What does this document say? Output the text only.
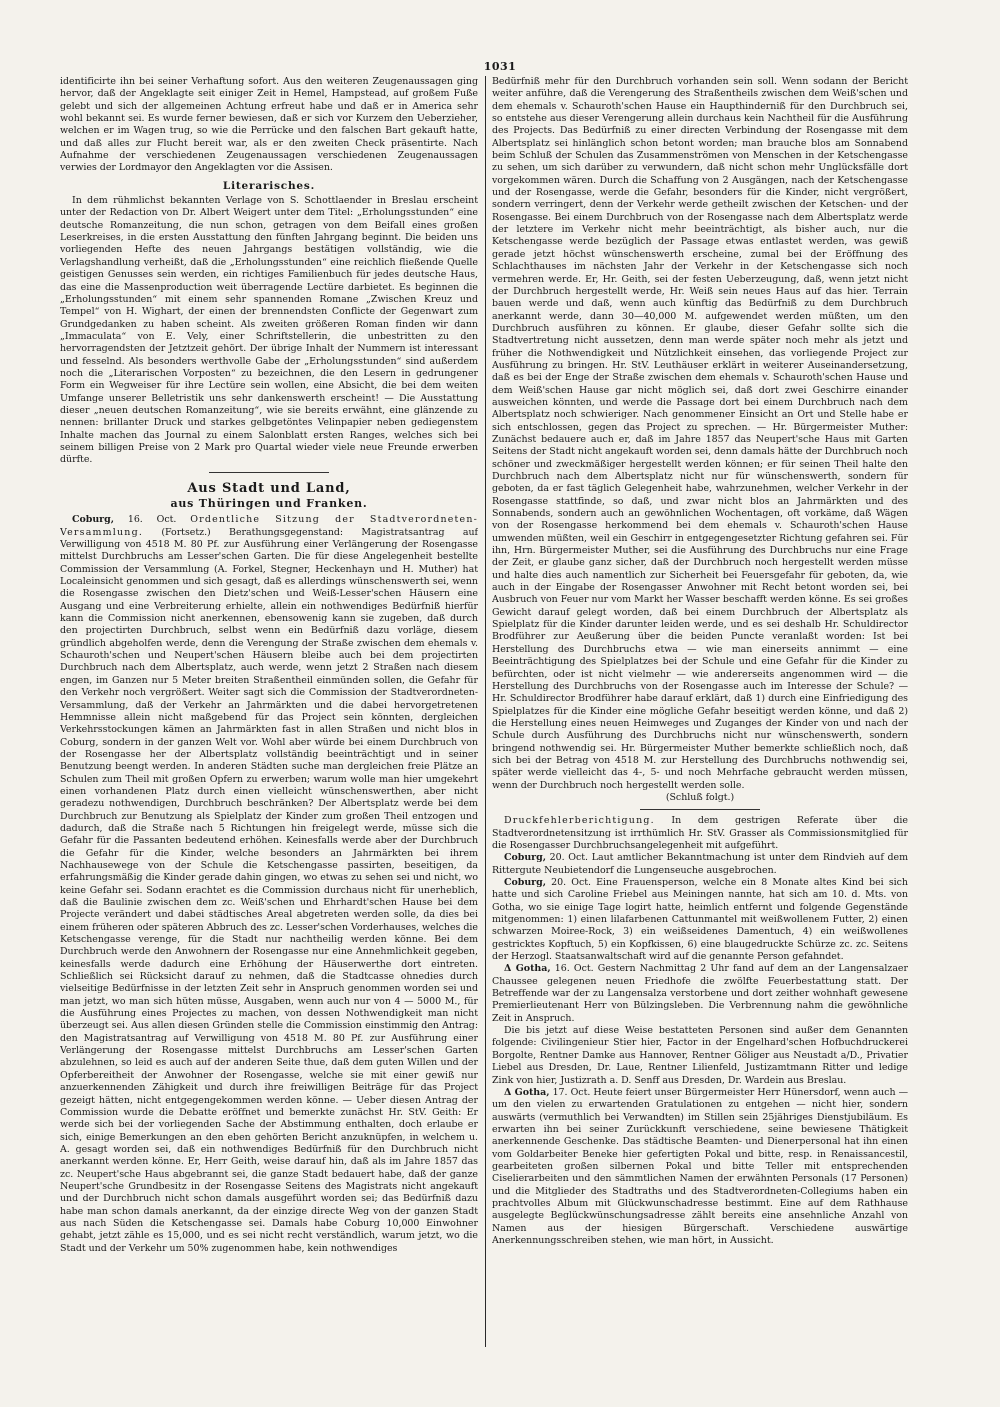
1031

identificirte ihn bei seiner Verhaftung sofort. Aus den weiteren Zeugenaussagen ging hervor, daß der Angeklagte seit einiger Zeit in Hemel, Hampstead, auf großem Fuße gelebt und sich der allgemeinen Achtung erfreut habe und daß er in America sehr wohl bekannt sei. Es wurde ferner bewiesen, daß er sich vor Kurzem den Ueberzieher, welchen er im Wagen trug, so wie die Perrücke und den falschen Bart gekauft hatte, und daß alles zur Flucht bereit war, als er den zweiten Check präsentirte. Nach Aufnahme der verschiedenen Zeugenaussagen verschiedenen Zeugenaussagen verwies der Lordmayor den Angeklagten vor die Assisen.

Literarisches.

In dem rühmlichst bekannten Verlage von S. Schottlaender in Breslau erscheint unter der Redaction von Dr. Albert Weigert unter dem Titel: „Erholungsstunden“ eine deutsche Romanzeitung, die nun schon, getragen von dem Beifall eines großen Leserkreises, in die ersten Ausstattung den fünften Jahrgang beginnt. Die beiden uns vorliegenden Hefte des neuen Jahrgangs bestätigen vollständig, wie die Verlagshandlung verheißt, daß die „Erholungsstunden“ eine reichlich fließende Quelle geistigen Genusses sein werden, ein richtiges Familienbuch für jedes deutsche Haus, das eine die Massenproduction weit überragende Lectüre darbietet. Es beginnen die „Erholungsstunden“ mit einem sehr spannenden Romane „Zwischen Kreuz und Tempel“ von H. Wighart, der einen der brennendsten Conflicte der Gegenwart zum Grundgedanken zu haben scheint. Als zweiten größeren Roman finden wir dann „Immaculata“ von E. Vely, einer Schriftstellerin, die unbestritten zu den hervorragendsten der Jetztzeit gehört. Der übrige Inhalt der Nummern ist interessant und fesselnd. Als besonders werthvolle Gabe der „Erholungsstunden“ sind außerdem noch die „Literarischen Vorposten“ zu bezeichnen, die den Lesern in gedrungener Form ein Wegweiser für ihre Lectüre sein wollen, eine Absicht, die bei dem weiten Umfange unserer Belletristik uns sehr dankenswerth erscheint! — Die Ausstattung dieser „neuen deutschen Romanzeitung“, wie sie bereits erwähnt, eine glänzende zu nennen: brillanter Druck und starkes gelbgetöntes Velinpapier neben gediegenstem Inhalte machen das Journal zu einem Salonblatt ersten Ranges, welches sich bei seinem billigen Preise von 2 Mark pro Quartal wieder viele neue Freunde erwerben dürfte.

Aus Stadt und Land,
aus Thüringen und Franken.

Coburg, 16. Oct. Ordentliche Sitzung der Stadtverordneten-Versammlung. (Fortsetz.) Berathungsgegenstand: Magistratsantrag auf Verwilligung von 4518 M. 80 Pf. zur Ausführung einer Verlängerung der Rosengasse mittelst Durchbruchs am Lesser'schen Garten. Die für diese Angelegenheit bestellte Commission der Versammlung (A. Forkel, Stegner, Heckenhayn und H. Muther) hat Localeinsicht genommen und sich gesagt, daß es allerdings wünschenswerth sei, wenn die Rosengasse zwischen den Dietz'schen und Weiß-Lesser'schen Häusern eine Ausgang und eine Verbreiterung erhielte, allein ein nothwendiges Bedürfniß hierfür kann die Commission nicht anerkennen, ebensowenig kann sie zugeben, daß durch den projectirten Durchbruch, selbst wenn ein Bedürfniß dazu vorläge, diesem gründlich abgeholfen werde, denn die Verengung der Straße zwischen dem ehemals v. Schauroth'schen und Neupert'schen Häusern bleibe auch bei dem projectirten Durchbruch nach dem Albertsplatz, auch werde, wenn jetzt 2 Straßen nach diesem engen, im Ganzen nur 5 Meter breiten Straßentheil einmünden sollen, die Gefahr für den Verkehr noch vergrößert. Weiter sagt sich die Commission der Stadtverordneten-Versammlung, daß der Verkehr an Jahrmärkten und die dabei hervorgetretenen Hemmnisse allein nicht maßgebend für das Project sein könnten, dergleichen Verkehrsstockungen kämen an Jahrmärkten fast in allen Straßen und nicht blos in Coburg, sondern in der ganzen Welt vor. Wohl aber würde bei einem Durchbruch von der Rosengasse her der Albertsplatz vollständig beeinträchtigt und in seiner Benutzung beengt werden. In anderen Städten suche man dergleichen freie Plätze an Schulen zum Theil mit großen Opfern zu erwerben; warum wolle man hier umgekehrt einen vorhandenen Platz durch einen vielleicht wünschenswerthen, aber nicht geradezu nothwendigen, Durchbruch beschränken? Der Albertsplatz werde bei dem Durchbruch zur Benutzung als Spielplatz der Kinder zum großen Theil entzogen und dadurch, daß die Straße nach 5 Richtungen hin freigelegt werde, müsse sich die Gefahr für die Passanten bedeutend erhöhen. Keinesfalls werde aber der Durchbruch die Gefahr für die Kinder, welche besonders an Jahrmärkten bei ihrem Nachhausewege von der Schule die Ketschengasse passirten, beseitigen, da erfahrungsmäßig die Kinder gerade dahin gingen, wo etwas zu sehen sei und nicht, wo keine Gefahr sei. Sodann erachtet es die Commission durchaus nicht für unerheblich, daß die Baulinie zwischen dem zc. Weiß'schen und Ehrhardt'schen Hause bei dem Projecte verändert und dabei städtisches Areal abgetreten werden solle, da dies bei einem früheren oder späteren Abbruch des zc. Lesser'schen Vorderhauses, welches die Ketschengasse verenge, für die Stadt nur nachtheilig werden könne. Bei dem Durchbruch werde den Anwohnern der Rosengasse nur eine Annehmlichkeit gegeben, keinesfalls werde dadurch eine Erhöhung der Häuserwerthe dort eintreten. Schließlich sei Rücksicht darauf zu nehmen, daß die Stadtcasse ohnedies durch vielseitige Bedürfnisse in der letzten Zeit sehr in Anspruch genommen worden sei und man jetzt, wo man sich hüten müsse, Ausgaben, wenn auch nur von 4 — 5000 M., für die Ausführung eines Projectes zu machen, von dessen Nothwendigkeit man nicht überzeugt sei. Aus allen diesen Gründen stelle die Commission einstimmig den Antrag: den Magistratsantrag auf Verwilligung von 4518 M. 80 Pf. zur Ausführung einer Verlängerung der Rosengasse mittelst Durchbruchs am Lesser'schen Garten abzulehnen, so leid es auch auf der anderen Seite thue, daß dem guten Willen und der Opferbereitheit der Anwohner der Rosengasse, welche sie mit einer gewiß nur anzuerkennenden Zähigkeit und durch ihre freiwilligen Beiträge für das Project gezeigt hätten, nicht entgegengekommen werden könne. — Ueber diesen Antrag der Commission wurde die Debatte eröffnet und bemerkte zunächst Hr. StV. Geith: Er werde sich bei der vorliegenden Sache der Abstimmung enthalten, doch erlaube er sich, einige Bemerkungen an den eben gehörten Bericht anzuknüpfen, in welchem u. A. gesagt worden sei, daß ein nothwendiges Bedürfniß für den Durchbruch nicht anerkannt werden könne. Er, Herr Geith, weise darauf hin, daß als im Jahre 1857 das zc. Neupert'sche Haus abgebrannt sei, die ganze Stadt bedauert habe, daß der ganze Neupert'sche Grundbesitz in der Rosengasse Seitens des Magistrats nicht angekauft und der Durchbruch nicht schon damals ausgeführt worden sei; das Bedürfniß dazu habe man schon damals anerkannt, da der einzige directe Weg von der ganzen Stadt aus nach Süden die Ketschengasse sei. Damals habe Coburg 10,000 Einwohner gehabt, jetzt zähle es 15,000, und es sei nicht recht verständlich, warum jetzt, wo die Stadt und der Verkehr um 50% zugenommen habe, kein nothwendiges

Bedürfniß mehr für den Durchbruch vorhanden sein soll. Wenn sodann der Bericht weiter anführe, daß die Verengerung des Straßentheils zwischen dem Weiß'schen und dem ehemals v. Schauroth'schen Hause ein Haupthinderniß für den Durchbruch sei, so entstehe aus dieser Verengerung allein durchaus kein Nachtheil für die Ausführung des Projects. Das Bedürfniß zu einer directen Verbindung der Rosengasse mit dem Albertsplatz sei hinlänglich schon betont worden; man brauche blos am Sonnabend beim Schluß der Schulen das Zusammenströmen von Menschen in der Ketschengasse zu sehen, um sich darüber zu verwundern, daß nicht schon mehr Unglücksfälle dort vorgekommen wären. Durch die Schaffung von 2 Ausgängen, nach der Ketschengasse und der Rosengasse, werde die Gefahr, besonders für die Kinder, nicht vergrößert, sondern verringert, denn der Verkehr werde getheilt zwischen der Ketschen- und der Rosengasse. Bei einem Durchbruch von der Rosengasse nach dem Albertsplatz werde der letztere im Verkehr nicht mehr beeinträchtigt, als bisher auch, nur die Ketschengasse werde bezüglich der Passage etwas entlastet werden, was gewiß gerade jetzt höchst wünschenswerth erscheine, zumal bei der Eröffnung des Schlachthauses im nächsten Jahr der Verkehr in der Ketschengasse sich noch vermehren werde. Er, Hr. Geith, sei der festen Ueberzeugung, daß, wenn jetzt nicht der Durchbruch hergestellt werde, Hr. Weiß sein neues Haus auf das hier. Terrain bauen werde und daß, wenn auch künftig das Bedürfniß zu dem Durchbruch anerkannt werde, dann 30—40,000 M. aufgewendet werden müßten, um den Durchbruch ausführen zu können. Er glaube, dieser Gefahr sollte sich die Stadtvertretung nicht aussetzen, denn man werde später noch mehr als jetzt und früher die Nothwendigkeit und Nützlichkeit einsehen, das vorliegende Project zur Ausführung zu bringen. Hr. StV. Leuthäuser erklärt in weiterer Auseinandersetzung, daß es bei der Enge der Straße zwischen dem ehemals v. Schauroth'schen Hause und dem Weiß'schen Hause gar nicht möglich sei, daß dort zwei Geschirre einander ausweichen könnten, und werde die Passage dort bei einem Durchbruch nach dem Albertsplatz noch schwieriger. Nach genommener Einsicht an Ort und Stelle habe er sich entschlossen, gegen das Project zu sprechen. — Hr. Bürgermeister Muther: Zunächst bedauere auch er, daß im Jahre 1857 das Neupert'sche Haus mit Garten Seitens der Stadt nicht angekauft worden sei, denn damals hätte der Durchbruch noch schöner und zweckmäßiger hergestellt werden können; er für seinen Theil halte den Durchbruch nach dem Albertsplatz nicht nur für wünschenswerth, sondern für geboten, da er fast täglich Gelegenheit habe, wahrzunehmen, welcher Verkehr in der Rosengasse stattfinde, so daß, und zwar nicht blos an Jahrmärkten und des Sonnabends, sondern auch an gewöhnlichen Wochentagen, oft vorkäme, daß Wägen von der Rosengasse herkommend bei dem ehemals v. Schauroth'schen Hause umwenden müßten, weil ein Geschirr in entgegengesetzter Richtung gefahren sei. Für ihn, Hrn. Bürgermeister Muther, sei die Ausführung des Durchbruchs nur eine Frage der Zeit, er glaube ganz sicher, daß der Durchbruch noch hergestellt werden müsse und halte dies auch namentlich zur Sicherheit bei Feuersgefahr für geboten, da, wie auch in der Eingabe der Rosengasser Anwohner mit Recht betont worden sei, bei Ausbruch von Feuer nur vom Markt her Wasser beschafft werden könne. Es sei großes Gewicht darauf gelegt worden, daß bei einem Durchbruch der Albertsplatz als Spielplatz für die Kinder darunter leiden werde, und es sei deshalb Hr. Schuldirector Brodführer zur Aeußerung über die beiden Puncte veranlaßt worden: Ist bei Herstellung des Durchbruchs etwa — wie man einerseits annimmt — eine Beeinträchtigung des Spielplatzes bei der Schule und eine Gefahr für die Kinder zu befürchten, oder ist nicht vielmehr — wie andererseits angenommen wird — die Herstellung des Durchbruchs von der Rosengasse auch im Interesse der Schule? — Hr. Schuldirector Brodführer habe darauf erklärt, daß 1) durch eine Einfriedigung des Spielplatzes für die Kinder eine mögliche Gefahr beseitigt werden könne, und daß 2) die Herstellung eines neuen Heimweges und Zuganges der Kinder von und nach der Schule durch Ausführung des Durchbruchs nicht nur wünschenswerth, sondern bringend nothwendig sei. Hr. Bürgermeister Muther bemerkte schließlich noch, daß sich bei der Betrag von 4518 M. zur Herstellung des Durchbruchs nothwendig sei, später werde vielleicht das 4-, 5- und noch Mehrfache gebraucht werden müssen, wenn der Durchbruch noch hergestellt werden solle.

(Schluß folgt.)

Druckfehlerberichtigung. In dem gestrigen Referate über die Stadtverordnetensitzung ist irrthümlich Hr. StV. Grasser als Commissionsmitglied für die Rosengasser Durchbruchsangelegenheit mit aufgeführt.

Coburg, 20. Oct. Laut amtlicher Bekanntmachung ist unter dem Rindvieh auf dem Rittergute Neubietendorf die Lungenseuche ausgebrochen.

Coburg, 20. Oct. Eine Frauensperson, welche ein 8 Monate altes Kind bei sich hatte und sich Caroline Friebel aus Meiningen nannte, hat sich am 10. d. Mts. von Gotha, wo sie einige Tage logirt hatte, heimlich entfernt und folgende Gegenstände mitgenommen: 1) einen lilafarbenen Cattunmantel mit weißwollenem Futter, 2) einen schwarzen Moiree-Rock, 3) ein weißseidenes Damentuch, 4) ein weißwollenes gestricktes Kopftuch, 5) ein Kopfkissen, 6) eine blaugedruckte Schürze zc. zc. Seitens der Herzogl. Staatsanwaltschaft wird auf die genannte Person gefahndet.

Δ Gotha, 16. Oct. Gestern Nachmittag 2 Uhr fand auf dem an der Langensalzaer Chaussee gelegenen neuen Friedhofe die zwölfte Feuerbestattung statt. Der Betreffende war der zu Langensalza verstorbene und dort zeither wohnhaft gewesene Premierlieutenant Herr von Bülzingsleben. Die Verbrennung nahm die gewöhnliche Zeit in Anspruch.

Die bis jetzt auf diese Weise bestatteten Personen sind außer dem Genannten folgende: Civilingenieur Stier hier, Factor in der Engelhard'schen Hofbuchdruckerei Borgolte, Rentner Damke aus Hannover, Rentner Göliger aus Neustadt a/D., Privatier Liebel aus Dresden, Dr. Laue, Rentner Lilienfeld, Justizamtmann Ritter und ledige Zink von hier, Justizrath a. D. Senff aus Dresden, Dr. Wardein aus Breslau.

Δ Gotha, 17. Oct. Heute feiert unser Bürgermeister Herr Hünersdorf, wenn auch — um den vielen zu erwartenden Gratulationen zu entgehen — nicht hier, sondern auswärts (vermuthlich bei Verwandten) im Stillen sein 25jähriges Dienstjubiläum. Es erwarten ihn bei seiner Zurückkunft verschiedene, seine bewiesene Thätigkeit anerkennende Geschenke. Das städtische Beamten- und Dienerpersonal hat ihn einen vom Goldarbeiter Beneke hier gefertigten Pokal und bitte, resp. in Renaissancestil, gearbeiteten großen silbernen Pokal und bitte Teller mit entsprechenden Ciselierarbeiten und den sämmtlichen Namen der erwähnten Personals (17 Personen) und die Mitglieder des Stadtraths und des Stadtverordneten-Collegiums haben ein prachtvolles Album mit Glückwunschadresse bestimmt. Eine auf dem Rathhause ausgelegte Beglückwünschungsadresse zählt bereits eine ansehnliche Anzahl von Namen aus der hiesigen Bürgerschaft. Verschiedene auswärtige Anerkennungsschreiben stehen, wie man hört, in Aussicht.
